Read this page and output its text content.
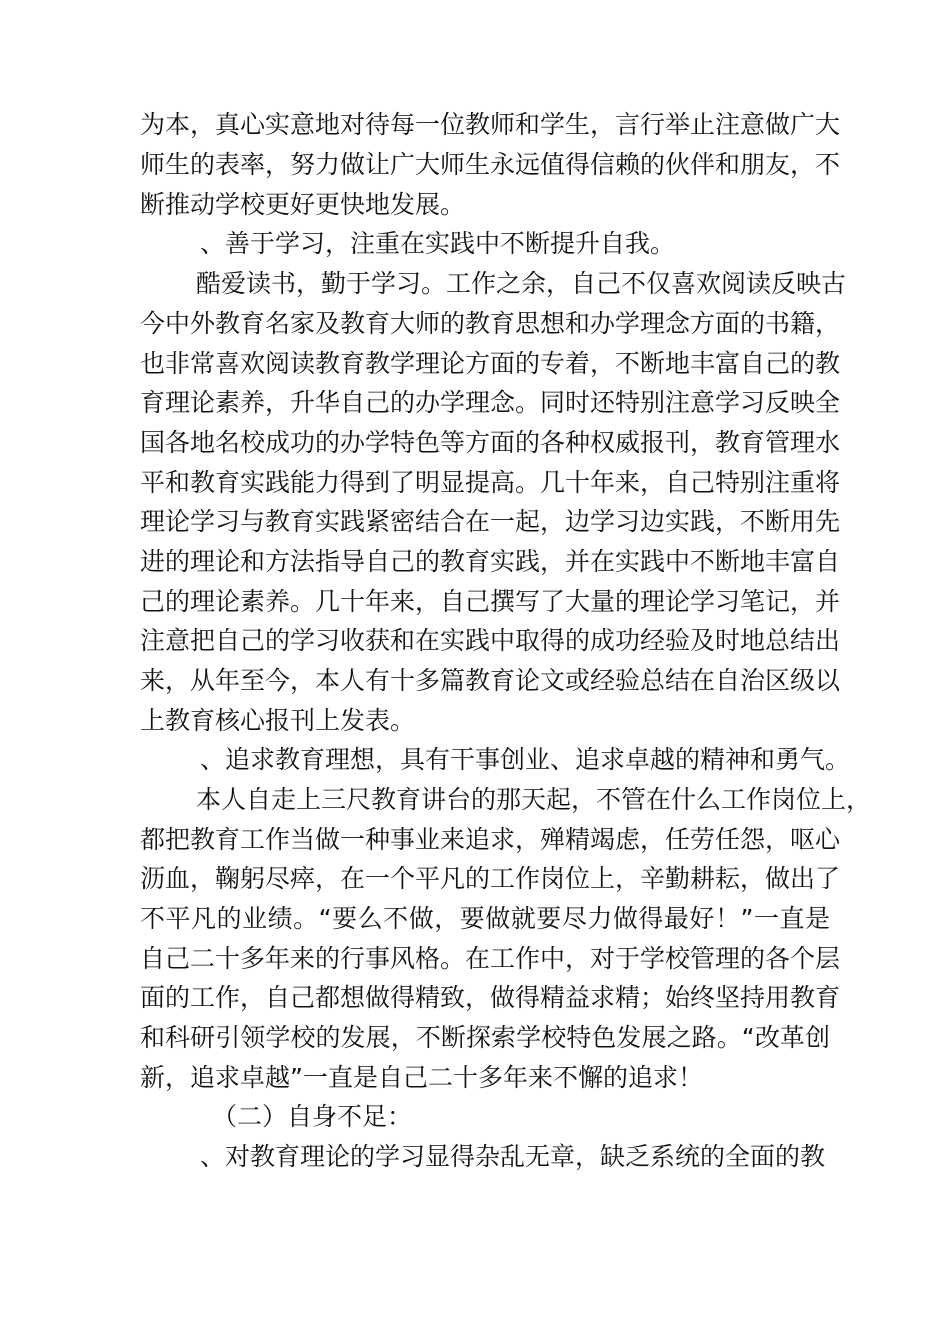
为本，真心实意地对待每一位教师和学生，言行举止注意做广大
师生的表率，努力做让广大师生永远值得信赖的伙伴和朋友，不
断推动学校更好更快地发展。
、善于学习，注重在实践中不断提升自我。
酷爱读书，勤于学习。工作之余，自己不仅喜欢阅读反映古
今中外教育名家及教育大师的教育思想和办学理念方面的书籍，
也非常喜欢阅读教育教学理论方面的专着，不断地丰富自己的教
育理论素养，升华自己的办学理念。同时还特别注意学习反映全
国各地名校成功的办学特色等方面的各种权威报刊，教育管理水
平和教育实践能力得到了明显提高。几十年来，自己特别注重将
理论学习与教育实践紧密结合在一起，边学习边实践，不断用先
进的理论和方法指导自己的教育实践，并在实践中不断地丰富自
己的理论素养。几十年来，自己撰写了大量的理论学习笔记，并
注意把自己的学习收获和在实践中取得的成功经验及时地总结出
来，从年至今，本人有十多篇教育论文或经验总结在自治区级以
上教育核心报刊上发表。
、追求教育理想，具有干事创业、追求卓越的精神和勇气。
本人自走上三尺教育讲台的那天起，不管在什么工作岗位上，
都把教育工作当做一种事业来追求，殚精竭虑，任劳任怨，呕心
沥血，鞠躬尽瘁，在一个平凡的工作岗位上，辛勤耕耘，做出了
不平凡的业绩。“要么不做，要做就要尽力做得最好！”一直是
自己二十多年来的行事风格。在工作中，对于学校管理的各个层
面的工作，自己都想做得精致，做得精益求精；始终坚持用教育
和科研引领学校的发展，不断探索学校特色发展之路。“改革创
新，追求卓越”一直是自己二十多年来不懈的追求！
（二）自身不足：
、对教育理论的学习显得杂乱无章，缺乏系统的全面的教
